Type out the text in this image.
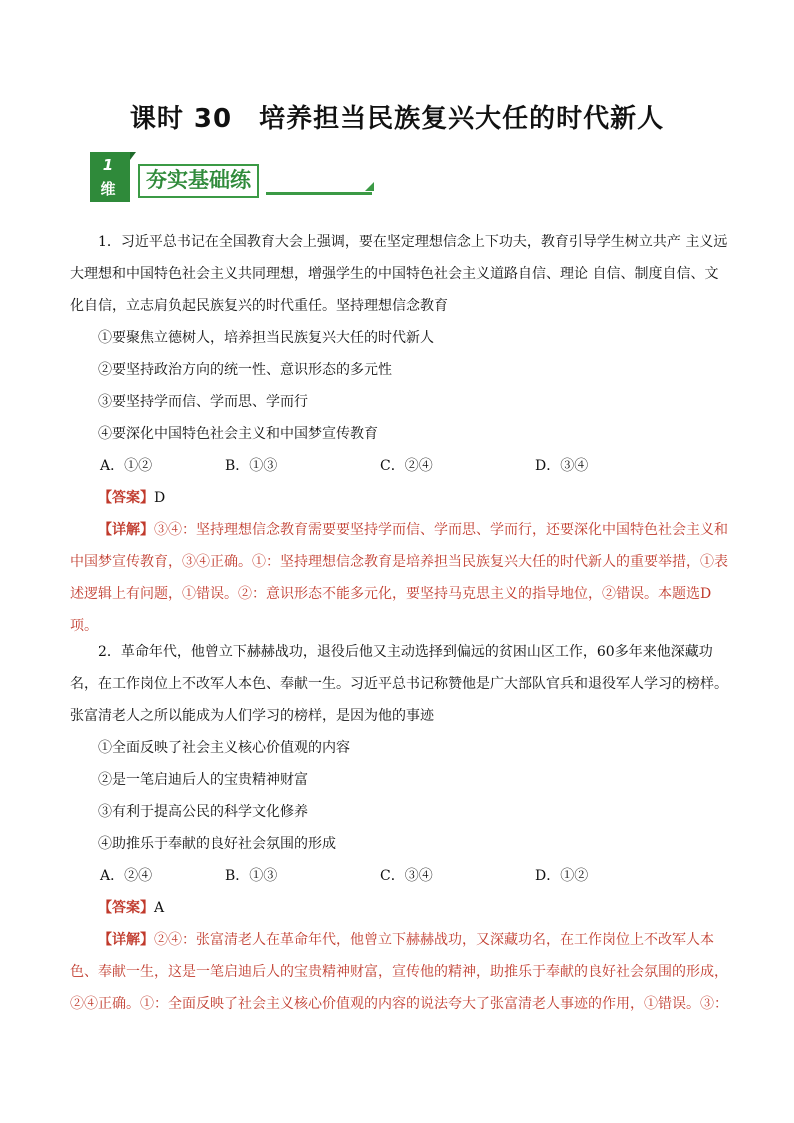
课时 30　培养担当民族复兴大任的时代新人
1
维	夯实基础练

1．习近平总书记在全国教育大会上强调，要在坚定理想信念上下功夫，教育引导学生树立共产 主义远大理想和中国特色社会主义共同理想，增强学生的中国特色社会主义道路自信、理论 自信、制度自信、文化自信，立志肩负起民族复兴的时代重任。坚持理想信念教育

①要聚焦立德树人，培养担当民族复兴大任的时代新人

②要坚持政治方向的统一性、意识形态的多元性

③要坚持学而信、学而思、学而行

④要深化中国特色社会主义和中国梦宣传教育

A．①②	B．①③	C．②④	D．③④

【答案】D

【详解】③④：坚持理想信念教育需要要坚持学而信、学而思、学而行，还要深化中国特色社会主义和中国梦宣传教育，③④正确。①：坚持理想信念教育是培养担当民族复兴大任的时代新人的重要举措，①表述逻辑上有问题，①错误。②：意识形态不能多元化，要坚持马克思主义的指导地位，②错误。本题选D项。

2．革命年代，他曾立下赫赫战功，退役后他又主动选择到偏远的贫困山区工作，60多年来他深藏功名，在工作岗位上不改军人本色、奉献一生。习近平总书记称赞他是广大部队官兵和退役军人学习的榜样。张富清老人之所以能成为人们学习的榜样，是因为他的事迹

①全面反映了社会主义核心价值观的内容

②是一笔启迪后人的宝贵精神财富

③有利于提高公民的科学文化修养

④助推乐于奉献的良好社会氛围的形成

A．②④	B．①③	C．③④	D．①②

【答案】A

【详解】②④：张富清老人在革命年代，他曾立下赫赫战功，又深藏功名，在工作岗位上不改军人本色、奉献一生，这是一笔启迪后人的宝贵精神财富，宣传他的精神，助推乐于奉献的良好社会氛围的形成，②④正确。①：全面反映了社会主义核心价值观的内容的说法夸大了张富清老人事迹的作用，①错误。③：
